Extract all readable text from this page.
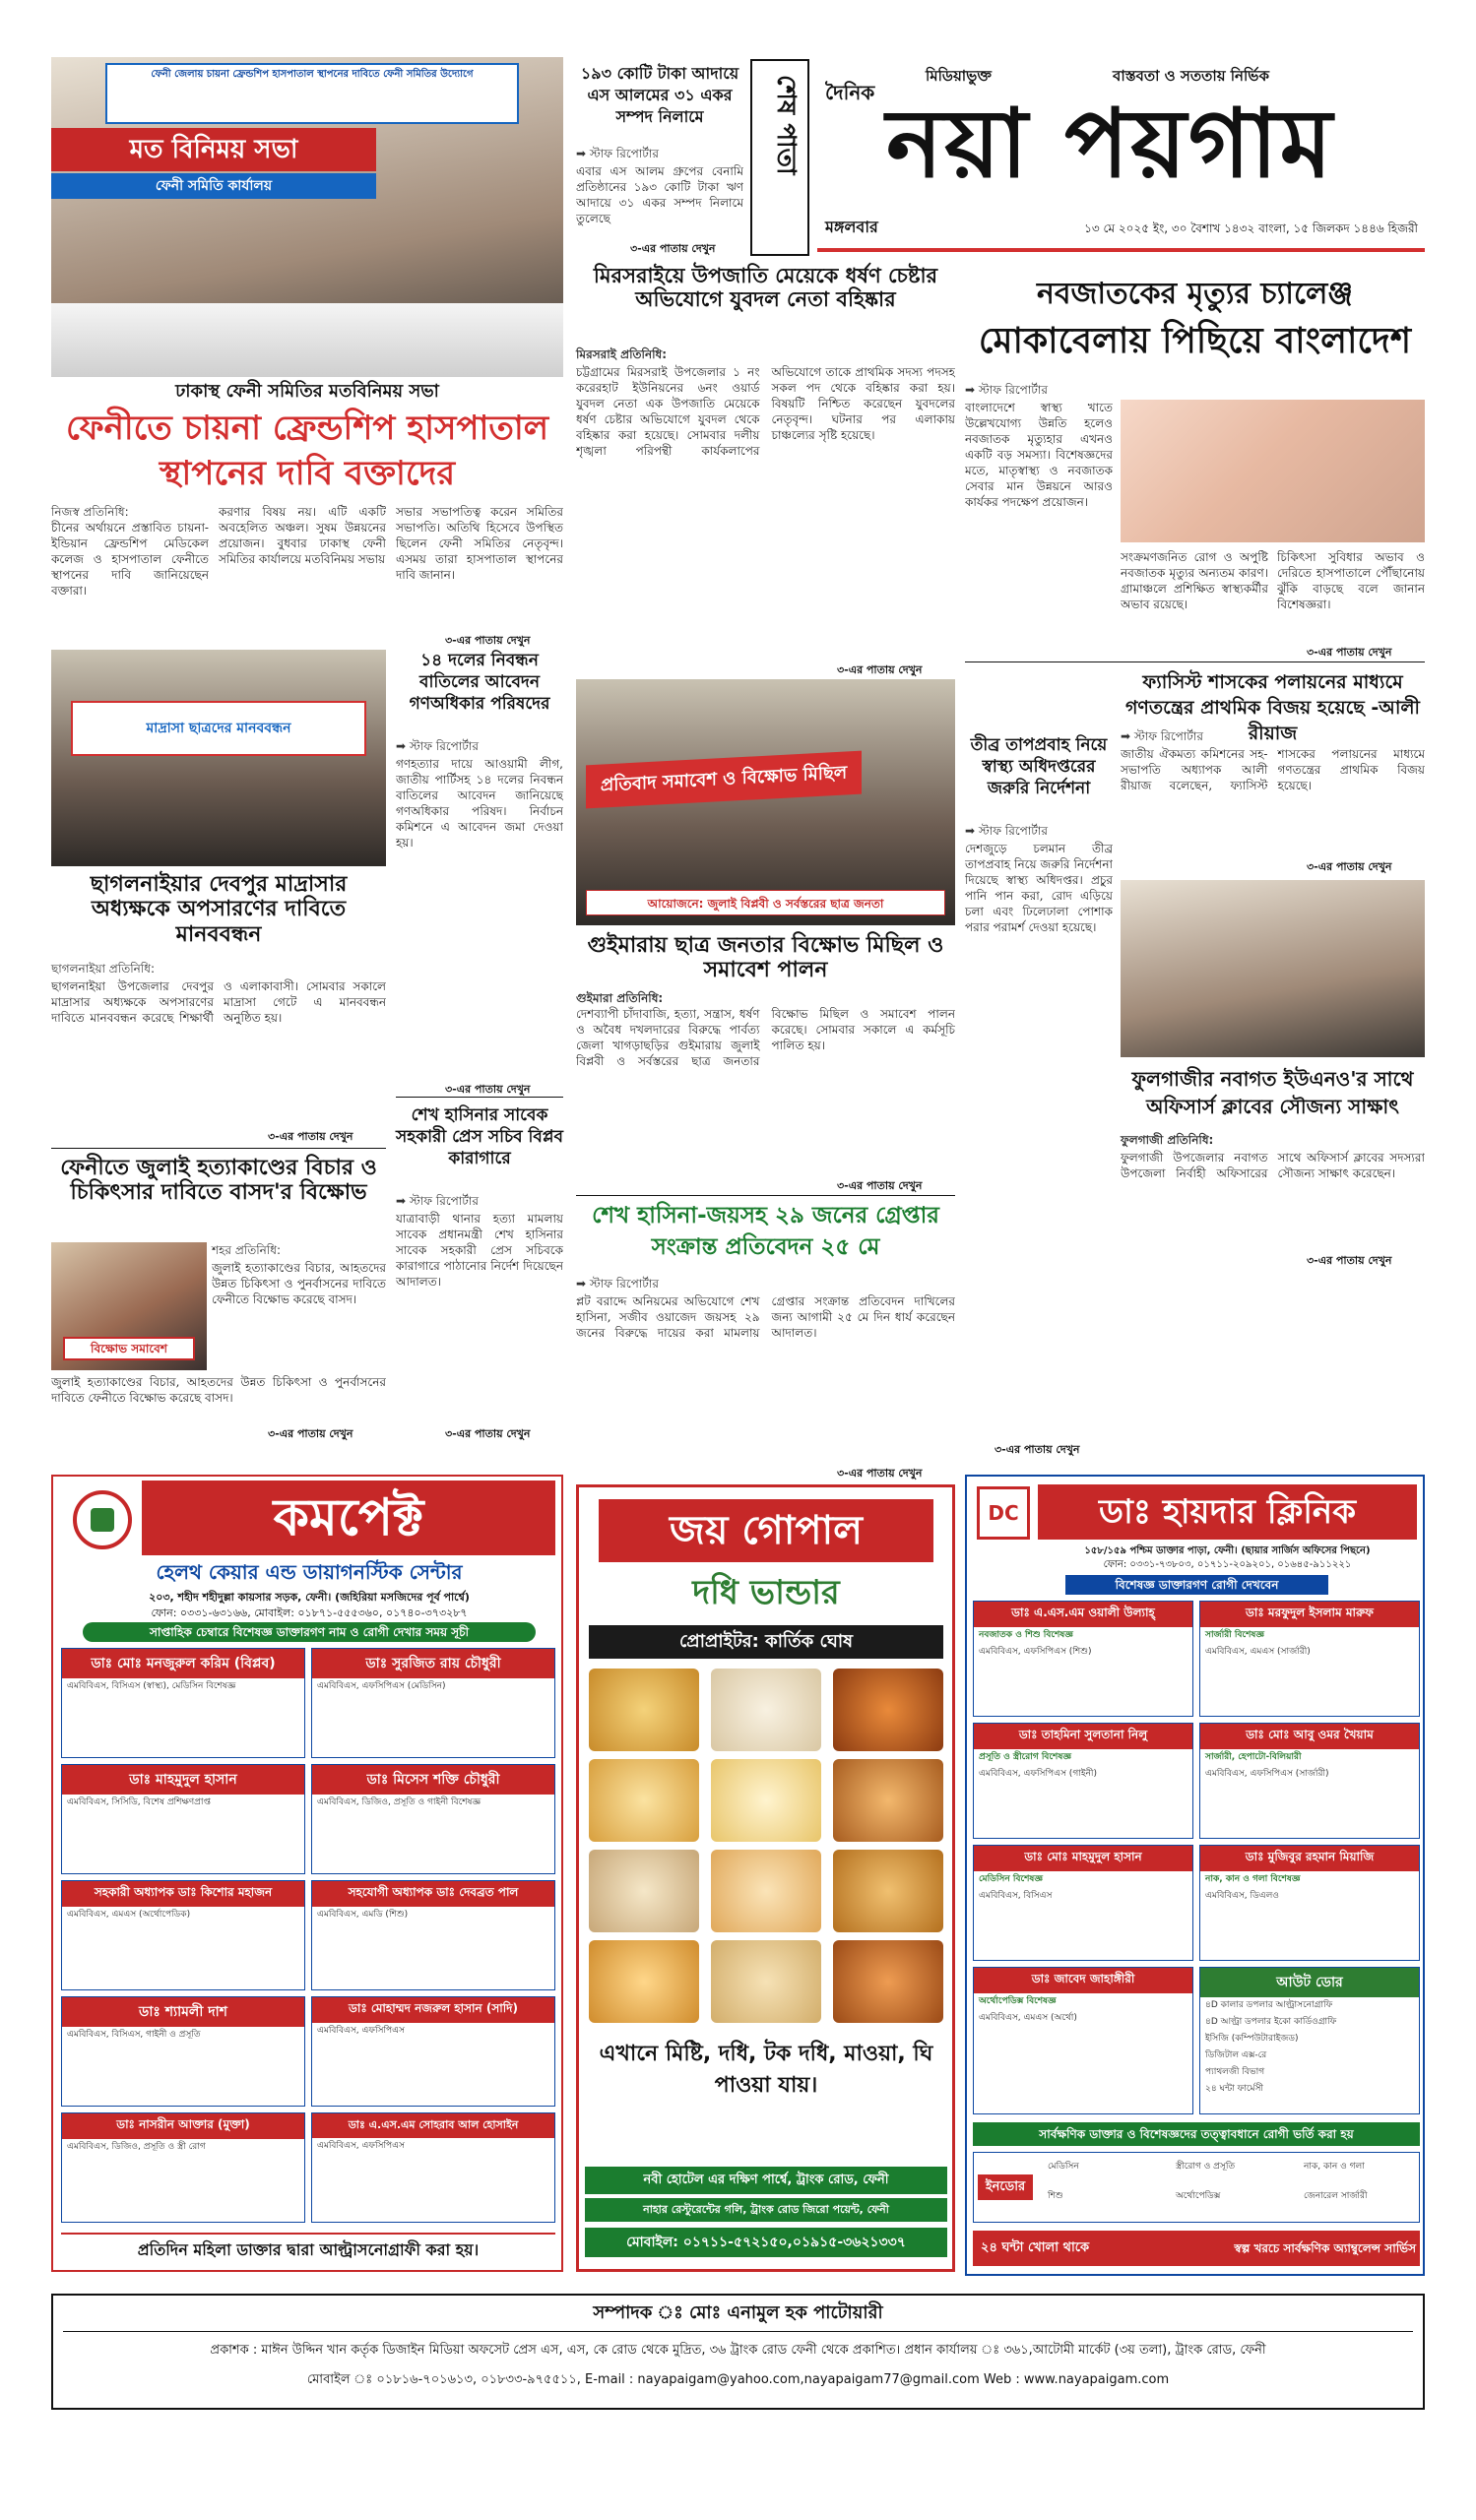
ফেনী জেলায় চায়না ফ্রেন্ডশিপ হাসপাতাল স্থাপনের দাবিতে ফেনী সমিতির উদ্যোগে
মত বিনিময় সভা
ফেনী সমিতি কার্যালয়
ঢাকাস্থ ফেনী সমিতির মতবিনিময় সভা
ফেনীতে চায়না ফ্রেন্ডশিপ হাসপাতাল
স্থাপনের দাবি বক্তাদের
নিজস্ব প্রতিনিধি:
চীনের অর্থায়নে প্রস্তাবিত চায়না-ইন্ডিয়ান ফ্রেন্ডশিপ মেডিকেল কলেজ ও হাসপাতাল ফেনীতে স্থাপনের দাবি জানিয়েছেন বক্তারা।
করণার বিষয় নয়। এটি একটি অবহেলিত অঞ্চল। সুষম উন্নয়নের প্রয়োজন। বুধবার ঢাকাস্থ ফেনী সমিতির কার্যালয়ে মতবিনিময় সভায়
সভার সভাপতিত্ব করেন সমিতির সভাপতি। অতিথি হিসেবে উপস্থিত ছিলেন ফেনী সমিতির নেতৃবৃন্দ। এসময় তারা হাসপাতাল স্থাপনের দাবি জানান।
৩-এর পাতায় দেখুন
মাদ্রাসা ছাত্রদের মানববন্ধন
ছাগলনাইয়ার দেবপুর মাদ্রাসার অধ্যক্ষকে অপসারণের দাবিতে মানববন্ধন
ছাগলনাইয়া প্রতিনিধি:
ছাগলনাইয়া উপজেলার দেবপুর মাদ্রাসার অধ্যক্ষকে অপসারণের দাবিতে মানববন্ধন করেছে শিক্ষার্থী ও এলাকাবাসী। সোমবার সকালে মাদ্রাসা গেটে এ মানববন্ধন অনুষ্ঠিত হয়।
৩-এর পাতায় দেখুন
ফেনীতে জুলাই হত্যাকাণ্ডের বিচার ও চিকিৎসার দাবিতে বাসদ'র বিক্ষোভ
শহর প্রতিনিধি:
বিক্ষোভ সমাবেশ
জুলাই হত্যাকাণ্ডের বিচার, আহতদের উন্নত চিকিৎসা ও পুনর্বাসনের দাবিতে ফেনীতে বিক্ষোভ করেছে বাসদ।
জুলাই হত্যাকাণ্ডের বিচার, আহতদের উন্নত চিকিৎসা ও পুনর্বাসনের দাবিতে ফেনীতে বিক্ষোভ করেছে বাসদ।
৩-এর পাতায় দেখুন
১৯৩ কোটি টাকা আদায়ে এস আলমের ৩১ একর সম্পদ নিলামে
➡ স্টাফ রিপোর্টার
এবার এস আলম গ্রুপের বেনামি প্রতিষ্ঠানের ১৯৩ কোটি টাকা ঋণ আদায়ে ৩১ একর সম্পদ নিলামে তুলেছে
৩-এর পাতায় দেখুন
শেষ পাতা	দৈনিক
মিডিয়াভুক্ত	বাস্তবতা ও সততায় নির্ভিক
নয়া পয়গাম
মঙ্গলবার	১৩ মে ২০২৫ ইং, ৩০ বৈশাখ ১৪৩২ বাংলা, ১৫ জিলকদ ১৪৪৬ হিজরী
মিরসরাইয়ে উপজাতি মেয়েকে ধর্ষণ চেষ্টার অভিযোগে যুবদল নেতা বহিষ্কার
মিরসরাই প্রতিনিধি:
চট্টগ্রামের মিরসরাই উপজেলার ১ নং করেরহাট ইউনিয়নের ৬নং ওয়ার্ড যুবদল নেতা এক উপজাতি মেয়েকে ধর্ষণ চেষ্টার অভিযোগে যুবদল থেকে বহিষ্কার করা হয়েছে। সোমবার দলীয় শৃঙ্খলা পরিপন্থী কার্যকলাপের অভিযোগে তাকে প্রাথমিক সদস্য পদসহ সকল পদ থেকে বহিষ্কার করা হয়। বিষয়টি নিশ্চিত করেছেন যুবদলের নেতৃবৃন্দ। ঘটনার পর এলাকায় চাঞ্চল্যের সৃষ্টি হয়েছে।
৩-এর পাতায় দেখুন
১৪ দলের নিবন্ধন বাতিলের আবেদন গণঅধিকার পরিষদের
➡ স্টাফ রিপোর্টার
গণহত্যার দায়ে আওয়ামী লীগ, জাতীয় পার্টিসহ ১৪ দলের নিবন্ধন বাতিলের আবেদন জানিয়েছে গণঅধিকার পরিষদ। নির্বাচন কমিশনে এ আবেদন জমা দেওয়া হয়।
৩-এর পাতায় দেখুন
প্রতিবাদ সমাবেশ ও বিক্ষোভ মিছিল
আয়োজনে: জুলাই বিপ্লবী ও সর্বস্তরের ছাত্র জনতা
গুইমারায় ছাত্র জনতার বিক্ষোভ মিছিল ও সমাবেশ পালন
গুইমারা প্রতিনিধি:
দেশব্যাপী চাঁদাবাজি, হত্যা, সন্ত্রাস, ধর্ষণ ও অবৈধ দখলদারের বিরুদ্ধে পার্বত্য জেলা খাগড়াছড়ির গুইমারায় জুলাই বিপ্লবী ও সর্বস্তরের ছাত্র জনতার বিক্ষোভ মিছিল ও সমাবেশ পালন করেছে। সোমবার সকালে এ কর্মসূচি পালিত হয়।
৩-এর পাতায় দেখুন
শেখ হাসিনার সাবেক সহকারী প্রেস সচিব বিপ্লব কারাগারে
➡ স্টাফ রিপোর্টার
যাত্রাবাড়ী থানার হত্যা মামলায় সাবেক প্রধানমন্ত্রী শেখ হাসিনার সাবেক সহকারী প্রেস সচিবকে কারাগারে পাঠানোর নির্দেশ দিয়েছেন আদালত।
৩-এর পাতায় দেখুন
শেখ হাসিনা-জয়সহ ২৯ জনের গ্রেপ্তার
সংক্রান্ত প্রতিবেদন ২৫ মে
➡ স্টাফ রিপোর্টার
প্লট বরাদ্দে অনিয়মের অভিযোগে শেখ হাসিনা, সজীব ওয়াজেদ জয়সহ ২৯ জনের বিরুদ্ধে দায়ের করা মামলায় গ্রেপ্তার সংক্রান্ত প্রতিবেদন দাখিলের জন্য আগামী ২৫ মে দিন ধার্য করেছেন আদালত।
৩-এর পাতায় দেখুন
নবজাতকের মৃত্যুর চ্যালেঞ্জ
মোকাবেলায় পিছিয়ে বাংলাদেশ
➡ স্টাফ রিপোর্টার
বাংলাদেশে স্বাস্থ্য খাতে উল্লেখযোগ্য উন্নতি হলেও নবজাতক মৃত্যুহার এখনও একটি বড় সমস্যা। বিশেষজ্ঞদের মতে, মাতৃস্বাস্থ্য ও নবজাতক সেবার মান উন্নয়নে আরও কার্যকর পদক্ষেপ প্রয়োজন।
সংক্রমণজনিত রোগ ও অপুষ্টি নবজাতক মৃত্যুর অন্যতম কারণ। গ্রামাঞ্চলে প্রশিক্ষিত স্বাস্থ্যকর্মীর অভাব রয়েছে।
চিকিৎসা সুবিধার অভাব ও দেরিতে হাসপাতালে পৌঁছানোয় ঝুঁকি বাড়ছে বলে জানান বিশেষজ্ঞরা।
৩-এর পাতায় দেখুন
তীব্র তাপপ্রবাহ নিয়ে স্বাস্থ্য অধিদপ্তরের জরুরি নির্দেশনা
➡ স্টাফ রিপোর্টার
দেশজুড়ে চলমান তীব্র তাপপ্রবাহ নিয়ে জরুরি নির্দেশনা দিয়েছে স্বাস্থ্য অধিদপ্তর। প্রচুর পানি পান করা, রোদ এড়িয়ে চলা এবং ঢিলেঢালা পোশাক পরার পরামর্শ দেওয়া হয়েছে।
৩-এর পাতায় দেখুন
ফ্যাসিস্ট শাসকের পলায়নের মাধ্যমে গণতন্ত্রের প্রাথমিক বিজয় হয়েছে -আলী রীয়াজ
➡ স্টাফ রিপোর্টার
জাতীয় ঐকমত্য কমিশনের সহ-সভাপতি অধ্যাপক আলী রীয়াজ বলেছেন, ফ্যাসিস্ট শাসকের পলায়নের মাধ্যমে গণতন্ত্রের প্রাথমিক বিজয় হয়েছে।
৩-এর পাতায় দেখুন
ফুলগাজীর নবাগত ইউএনও'র সাথে অফিসার্স ক্লাবের সৌজন্য সাক্ষাৎ
ফুলগাজী প্রতিনিধি:
ফুলগাজী উপজেলার নবাগত উপজেলা নির্বাহী অফিসারের সাথে অফিসার্স ক্লাবের সদস্যরা সৌজন্য সাক্ষাৎ করেছেন।
৩-এর পাতায় দেখুন
কমপেক্ট
হেলথ কেয়ার এন্ড ডায়াগনস্টিক সেন্টার
২০৩, শহীদ শহীদুল্লা কায়সার সড়ক, ফেনী। (জহিরিয়া মসজিদের পূর্ব পার্শ্বে)
ফোন: ০৩৩১-৬৩১৬৬, মোবাইল: ০১৮৭১-৫৫৫৩৬০, ০১৭৪০-৩৭৩২৮৭
সাপ্তাহিক চেম্বারে বিশেষজ্ঞ ডাক্তারগণ নাম ও রোগী দেখার সময় সূচী
ডাঃ মোঃ মনজুরুল করিম (বিপ্লব)
এমবিবিএস, বিসিএস (স্বাস্থ্য), মেডিসিন বিশেষজ্ঞ
ডাঃ সুরজিত রায় চৌধুরী
এমবিবিএস, এফসিপিএস (মেডিসিন)
ডাঃ মাহমুদুল হাসান
এমবিবিএস, সিসিডি, বিশেষ প্রশিক্ষণপ্রাপ্ত
ডাঃ মিসেস শক্তি চৌধুরী
এমবিবিএস, ডিজিও, প্রসূতি ও গাইনী বিশেষজ্ঞ
সহকারী অধ্যাপক ডাঃ কিশোর মহাজন
এমবিবিএস, এমএস (অর্থোপেডিক)
সহযোগী অধ্যাপক ডাঃ দেবব্রত পাল
এমবিবিএস, এমডি (শিশু)
ডাঃ শ্যামলী দাশ
এমবিবিএস, বিসিএস, গাইনী ও প্রসূতি
ডাঃ মোহাম্মদ নজরুল হাসান (সাদি)
এমবিবিএস, এফসিপিএস
ডাঃ নাসরীন আক্তার (মুক্তা)
এমবিবিএস, ডিজিও, প্রসূতি ও স্ত্রী রোগ
ডাঃ এ.এস.এম সোহরাব আল হোসাইন
এমবিবিএস, এফসিপিএস
প্রতিদিন মহিলা ডাক্তার দ্বারা আল্ট্রাসনোগ্রাফী করা হয়।
জয় গোপাল
দধি ভান্ডার
প্রোপ্রাইটর: কার্তিক ঘোষ
এখানে মিষ্টি, দধি, টক দধি, মাওয়া, ঘি পাওয়া যায়।
নবী হোটেল এর দক্ষিণ পার্শ্বে, ট্রাংক রোড, ফেনী
নাহার রেস্টুরেন্টের গলি, ট্রাংক রোড জিরো পয়েন্ট, ফেনী
মোবাইল: ০১৭১১-৫৭২১৫০,০১৯১৫-৩৬২১৩৩৭
DC	ডাঃ হায়দার ক্লিনিক
১৫৮/১৫৯ পশ্চিম ডাক্তার পাড়া, ফেনী। (ছায়ার সার্জিস অফিসের পিছনে)
ফোন: ০৩৩১-৭৩৮০৩, ০১৭১১-২০৯২০১, ০১৬৪৫-৯১১২২১
বিশেষজ্ঞ ডাক্তারগণ রোগী দেখবেন
ডাঃ এ.এস.এম ওয়ালী উল্যাহ্
নবজাতক ও শিশু বিশেষজ্ঞ
এমবিবিএস, এফসিপিএস (শিশু)
ডাঃ মরফুদুল ইসলাম মারুফ
সার্জারী বিশেষজ্ঞ
এমবিবিএস, এমএস (সার্জারী)
ডাঃ তাহমিনা সুলতানা নিলু
প্রসূতি ও স্ত্রীরোগ বিশেষজ্ঞ
এমবিবিএস, এফসিপিএস (গাইনী)
ডাঃ মোঃ আবু ওমর খৈয়াম
সার্জারী, হেপাটো-বিলিয়ারী
এমবিবিএস, এফসিপিএস (সার্জারী)
ডাঃ মোঃ মাহমুদুল হাসান
মেডিসিন বিশেষজ্ঞ
এমবিবিএস, বিসিএস
ডাঃ মুজিবুর রহমান মিয়াজি
নাক, কান ও গলা বিশেষজ্ঞ
এমবিবিএস, ডিএলও
ডাঃ জাবেদ জাহাঙ্গীরী
অর্থোপেডিক্স বিশেষজ্ঞ
এমবিবিএস, এমএস (অর্থো)
আউট ডোর
৪D কালার ডপলার আল্ট্রাসনোগ্রাফি
৪D আল্ট্রা ডপলার ইকো কার্ডিওগ্রাফি
ইসিজি (কম্পিউটারাইজড)
ডিজিটাল এক্স-রে
প্যাথলজী বিভাগ
২৪ ঘন্টা ফার্মেসী
সার্বক্ষণিক ডাক্তার ও বিশেষজ্ঞদের তত্ত্বাবধানে রোগী ভর্তি করা হয়
ইনডোর
মেডিসিন	স্ত্রীরোগ ও প্রসূতি	নাক, কান ও গলা
শিশু	অর্থোপেডিক্স	জেনারেল সার্জারী
২৪ ঘন্টা খোলা থাকে	স্বল্প খরচে সার্বক্ষণিক অ্যাম্বুলেন্স সার্ভিস
সম্পাদক ঃ মোঃ এনামুল হক পাটোয়ারী
প্রকাশক : মাঈন উদ্দিন খান কর্তৃক ডিজাইন মিডিয়া অফসেট প্রেস এস, এস, কে রোড থেকে মুদ্রিত, ৩৬ ট্রাংক রোড ফেনী থেকে প্রকাশিত। প্রধান কার্যালয় ঃ ৩৬১,আটোমী মার্কেট (৩য় তলা), ট্রাংক রোড, ফেনী
মোবাইল ঃ ০১৮১৬-৭০১৬১৩, ০১৮৩৩-৯৭৫৫১১, E-mail : nayapaigam@yahoo.com,nayapaigam77@gmail.com Web : www.nayapaigam.com
